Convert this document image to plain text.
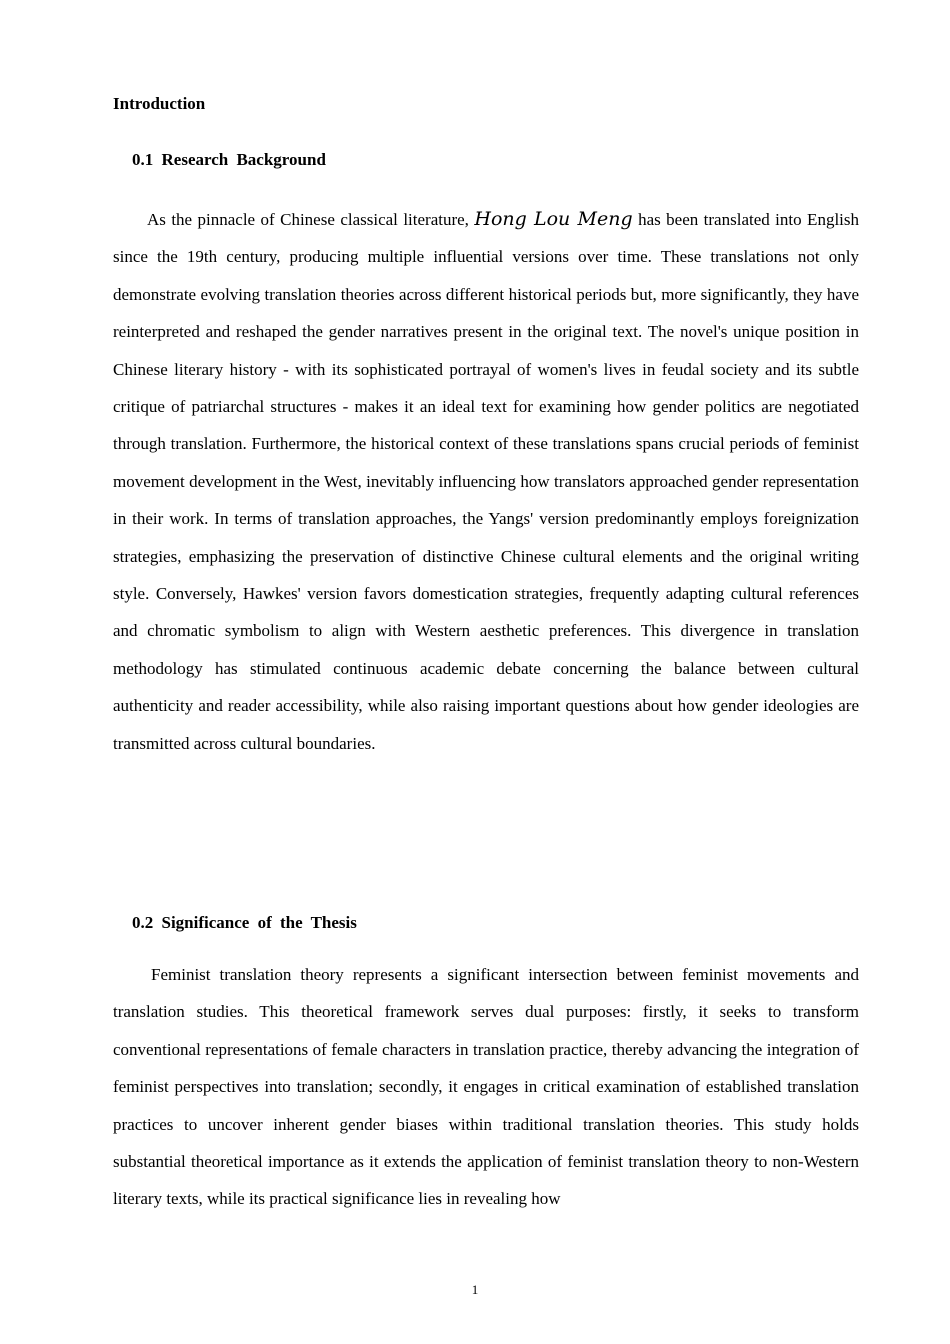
Introduction
0.1 Research Background

As the pinnacle of Chinese classical literature, Hong Lou Meng has been translated into English since the 19th century, producing multiple influential versions over time. These translations not only demonstrate evolving translation theories across different historical periods but, more significantly, they have reinterpreted and reshaped the gender narratives present in the original text. The novel's unique position in Chinese literary history - with its sophisticated portrayal of women's lives in feudal society and its subtle critique of patriarchal structures - makes it an ideal text for examining how gender politics are negotiated through translation. Furthermore, the historical context of these translations spans crucial periods of feminist movement development in the West, inevitably influencing how translators approached gender representation in their work. In terms of translation approaches, the Yangs' version predominantly employs foreignization strategies, emphasizing the preservation of distinctive Chinese cultural elements and the original writing style. Conversely, Hawkes' version favors domestication strategies, frequently adapting cultural references and chromatic symbolism to align with Western aesthetic preferences. This divergence in translation methodology has stimulated continuous academic debate concerning the balance between cultural authenticity and reader accessibility, while also raising important questions about how gender ideologies are transmitted across cultural boundaries.

0.2 Significance of the Thesis

Feminist translation theory represents a significant intersection between feminist movements and translation studies. This theoretical framework serves dual purposes: firstly, it seeks to transform conventional representations of female characters in translation practice, thereby advancing the integration of feminist perspectives into translation; secondly, it engages in critical examination of established translation practices to uncover inherent gender biases within traditional translation theories. This study holds substantial theoretical importance as it extends the application of feminist translation theory to non-Western literary texts, while its practical significance lies in revealing how

1
